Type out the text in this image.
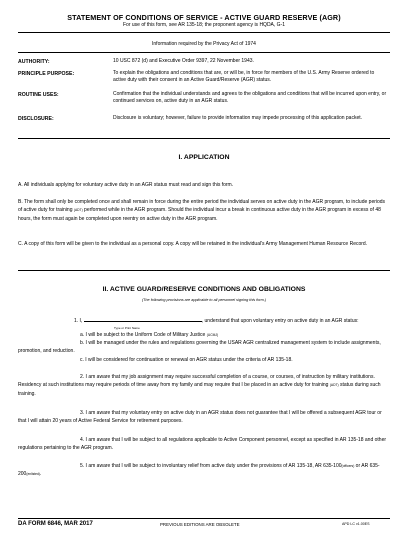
STATEMENT OF CONDITIONS OF SERVICE - ACTIVE GUARD RESERVE (AGR)
For use of this form, see AR 135-18; the proponent agency is HQDA, G-1
Information required by the Privacy Act of 1974
AUTHORITY:	10 USC 872 (d) and Executive Order 9397, 22 November 1943.
PRINCIPLE PURPOSE:	To explain the obligations and conditions that are, or will be, in force for members of the U.S. Army Reserve ordered to active duty with their consent in an Active Guard/Reserve (AGR) status.
ROUTINE USES:	Confirmation that the individual understands and agrees to the obligations and conditions that will be incurred upon entry, or continued services on, active duty in an AGR status.
DISCLOSURE:	Disclosure is voluntary; however, failure to provide information may impede processing of this application packet.
I. APPLICATION
A. All individuals applying for voluntary active duty in an AGR status must read and sign this form.
B. The form shall only be completed once and shall remain in force during the entire period the individual serves on active duty in the AGR program, to include periods of active duty for training (ADT) performed while in the AGR program. Should the individual incur a break in continuous active duty in the AGR program in excess of 48 hours, the form must again be completed upon reentry on active duty in the AGR program.
C. A copy of this form will be given to the individual as a personal copy. A copy will be retained in the individual's Army Management Human Resource Record.
II. ACTIVE GUARD/RESERVE CONDITIONS AND OBLIGATIONS
(The following provisions are applicable to all personnel signing this form.)
1. I,	, understand that upon voluntary entry on active duty in an AGR status:
Type or Print Name
a. I will be subject to the Uniform Code of Military Justice (UCMJ)
b. I will be managed under the rules and regulations governing the USAR AGR centralized management system to include assignments, promotion, and reduction.
c. I will be considered for continuation or renewal on AGR status under the criteria of AR 135-18.
2. I am aware that my job assignment may require successful completion of a course, or courses, of instruction by military institutions. Residency at such institutions may require periods of time away from my family and may require that I be placed in an active duty for training (ADT) status during such training.
3. I am aware that my voluntary entry on active duty in an AGR status does not guarantee that I will be offered a subsequent AGR tour or that I will attain 20 years of Active Federal Service for retirement purposes.
4. I am aware that I will be subject to all regulations applicable to Active Component personnel, except as specified in AR 135-18 and other regulations pertaining to the AGR program.
5. I am aware that I will be subject to involuntary relief from active duty under the provisions of AR 135-18, AR 635-100(officers) or AR 635-200(enlisted).
DA FORM 6846, MAR 2017	PREVIOUS EDITIONS ARE OBSOLETE	APD LC v1.00ES
